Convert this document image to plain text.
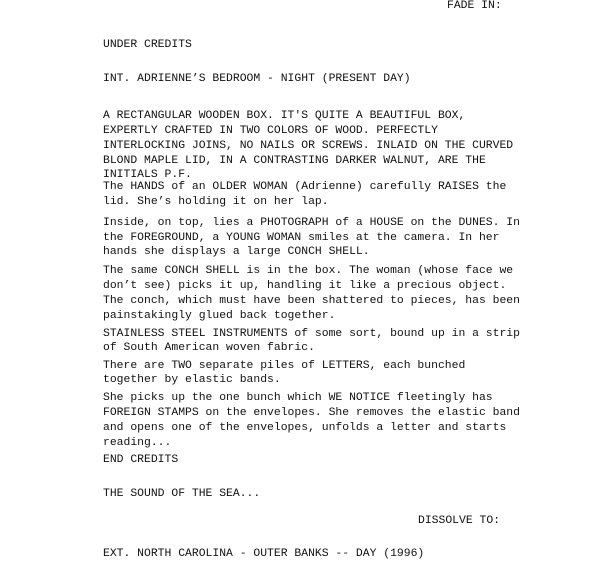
FADE IN:

UNDER CREDITS

INT. ADRIENNE’S BEDROOM - NIGHT (PRESENT DAY)

A RECTANGULAR WOODEN BOX. IT'S QUITE A BEAUTIFUL BOX,

EXPERTLY CRAFTED IN TWO COLORS OF WOOD. PERFECTLY

INTERLOCKING JOINS, NO NAILS OR SCREWS. INLAID ON THE CURVED

BLOND MAPLE LID, IN A CONTRASTING DARKER WALNUT, ARE THE

INITIALS P.F.

The HANDS of an OLDER WOMAN (Adrienne) carefully RAISES the

lid. She’s holding it on her lap.

Inside, on top, lies a PHOTOGRAPH of a HOUSE on the DUNES. In

the FOREGROUND, a YOUNG WOMAN smiles at the camera. In her

hands she displays a large CONCH SHELL.

The same CONCH SHELL is in the box. The woman (whose face we

don’t see) picks it up, handling it like a precious object.

The conch, which must have been shattered to pieces, has been

painstakingly glued back together.

STAINLESS STEEL INSTRUMENTS of some sort, bound up in a strip

of South American woven fabric.

There are TWO separate piles of LETTERS, each bunched

together by elastic bands.

She picks up the one bunch which WE NOTICE fleetingly has

FOREIGN STAMPS on the envelopes. She removes the elastic band

and opens one of the envelopes, unfolds a letter and starts

reading...

END CREDITS

THE SOUND OF THE SEA...

DISSOLVE TO:

EXT. NORTH CAROLINA - OUTER BANKS -- DAY (1996)
